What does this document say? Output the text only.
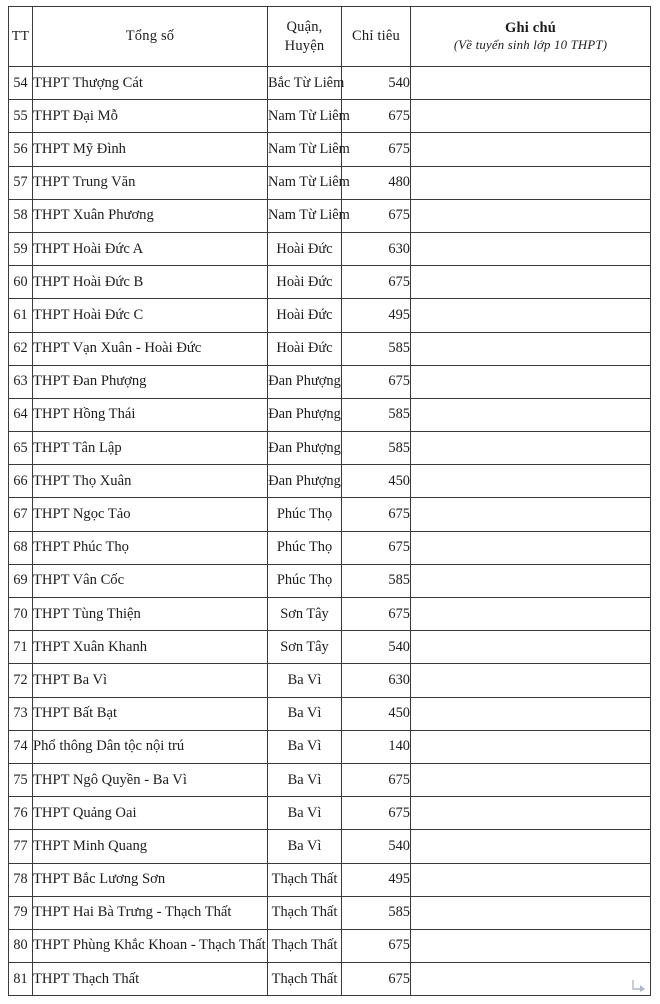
TT	Tổng số	Quận, Huyện	Chỉ tiêu	Ghi chú
(Về tuyển sinh lớp 10 THPT)

54	THPT Thượng Cát	Bắc Từ Liêm	540	
55	THPT Đại Mỗ	Nam Từ Liêm	675	
56	THPT Mỹ Đình	Nam Từ Liêm	675	
57	THPT Trung Văn	Nam Từ Liêm	480	
58	THPT Xuân Phương	Nam Từ Liêm	675	
59	THPT Hoài Đức A	Hoài Đức	630	
60	THPT Hoài Đức B	Hoài Đức	675	
61	THPT Hoài Đức C	Hoài Đức	495	
62	THPT Vạn Xuân - Hoài Đức	Hoài Đức	585	
63	THPT Đan Phượng	Đan Phượng	675	
64	THPT Hồng Thái	Đan Phượng	585	
65	THPT Tân Lập	Đan Phượng	585	
66	THPT Thọ Xuân	Đan Phượng	450	
67	THPT Ngọc Tảo	Phúc Thọ	675	
68	THPT Phúc Thọ	Phúc Thọ	675	
69	THPT Vân Cốc	Phúc Thọ	585	
70	THPT Tùng Thiện	Sơn Tây	675	
71	THPT Xuân Khanh	Sơn Tây	540	
72	THPT Ba Vì	Ba Vì	630	
73	THPT Bất Bạt	Ba Vì	450	
74	Phổ thông Dân tộc nội trú	Ba Vì	140	
75	THPT Ngô Quyền - Ba Vì	Ba Vì	675	
76	THPT Quảng Oai	Ba Vì	675	
77	THPT Minh Quang	Ba Vì	540	
78	THPT Bắc Lương Sơn	Thạch Thất	495	
79	THPT Hai Bà Trưng - Thạch Thất	Thạch Thất	585	
80	THPT Phùng Khắc Khoan - Thạch Thất	Thạch Thất	675	
81	THPT Thạch Thất	Thạch Thất	675	
